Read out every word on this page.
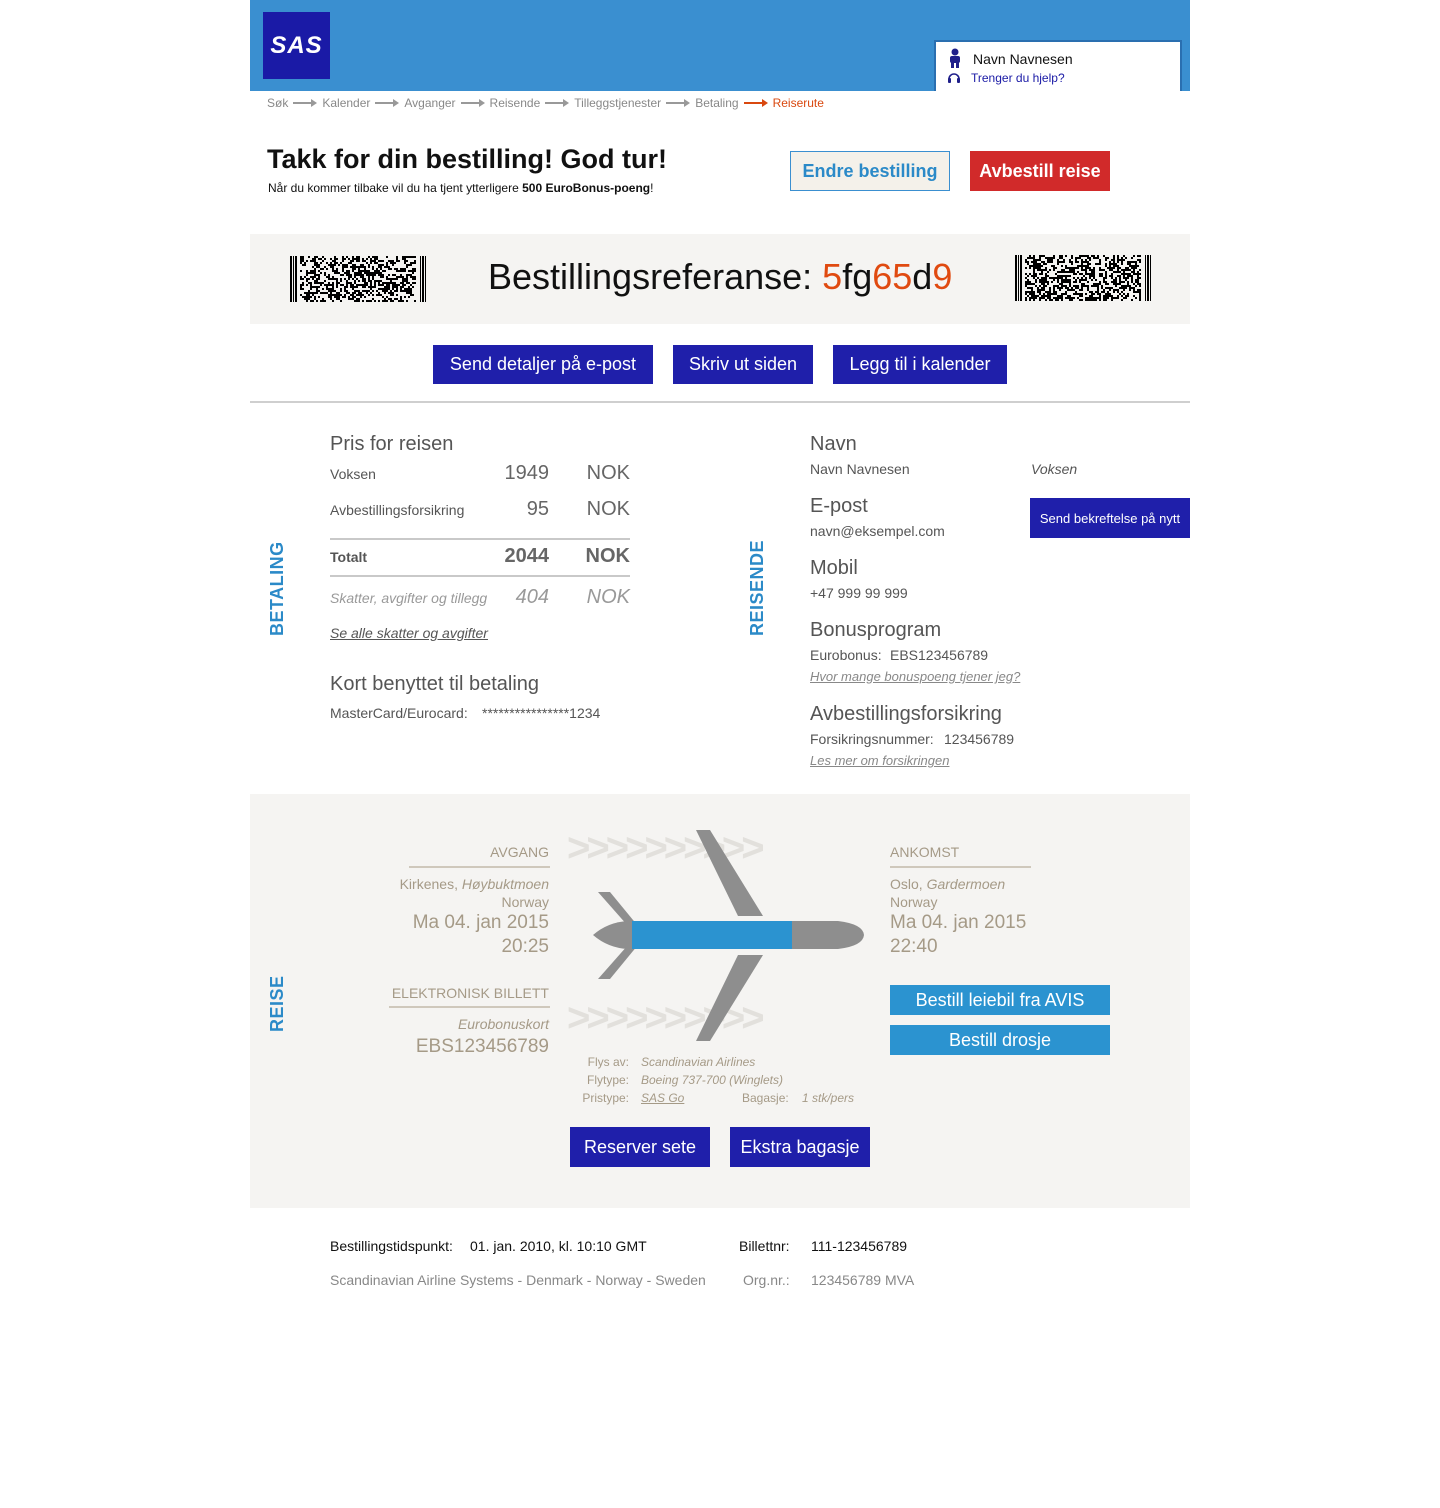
SAS
Navn Navnesen
Trenger du hjelp?
Søk	Kalender	Avganger	Reisende	Tilleggstjenester	Betaling	Reiserute
Takk for din bestilling! God tur!
Når du kommer tilbake vil du ha tjent ytterligere 500 EuroBonus-poeng!
Endre bestilling	Avbestill reise
Bestillingsreferanse: 5fg65d9
Send detaljer på e-post	Skriv ut siden	Legg til i kalender
BETALING
Pris for reisen
Voksen	1949	NOK
Avbestillingsforsikring	95	NOK
Totalt	2044	NOK
Skatter, avgifter og tillegg	404	NOK
Se alle skatter og avgifter
Kort benyttet til betaling
MasterCard/Eurocard: ****************1234
REISENDE
Navn
Navn Navnesen	Voksen
E-post
navn@eksempel.com
Send bekreftelse på nytt
Mobil
+47 999 99 999
Bonusprogram
Eurobonus: EBS123456789
Hvor mange bonuspoeng tjener jeg?
Avbestillingsforsikring
Forsikringsnummer: 123456789
Les mer om forsikringen
REISE
>>>>>>>>>>
>>>>>>>>>>
AVGANG
Kirkenes, Høybuktmoen
Norway
Ma 04. jan 2015
20:25
ELEKTRONISK BILLETT
Eurobonuskort
EBS123456789
ANKOMST
Oslo, Gardermoen
Norway
Ma 04. jan 2015
22:40
Bestill leiebil fra AVIS
Bestill drosje
Flys av: Scandinavian Airlines
Flytype: Boeing 737-700 (Winglets)
Pristype: SAS Go	Bagasje: 1 stk/pers
Reserver sete	Ekstra bagasje
Bestillingstidspunkt: 01. jan. 2010, kl. 10:10 GMT	Billettnr: 111-123456789
Scandinavian Airline Systems - Denmark - Norway - Sweden	Org.nr.: 123456789 MVA
